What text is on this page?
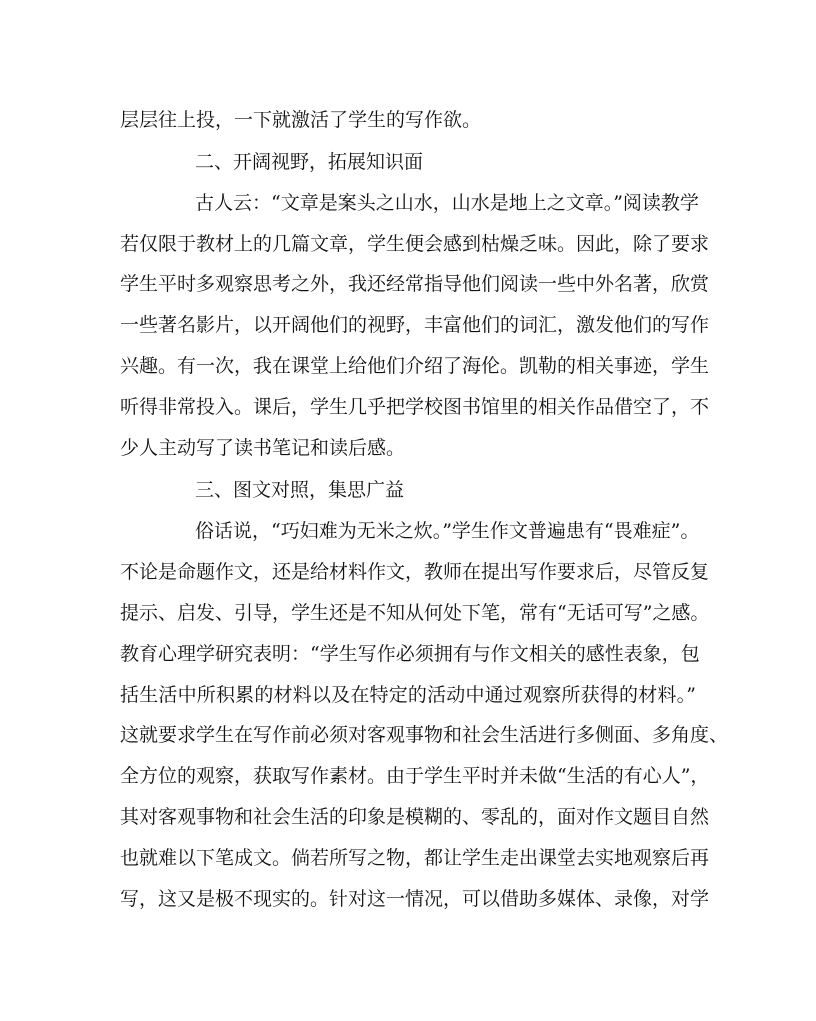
层层往上投，一下就激活了学生的写作欲。
二、开阔视野，拓展知识面
古人云：“文章是案头之山水，山水是地上之文章。”阅读教学
若仅限于教材上的几篇文章，学生便会感到枯燥乏味。因此，除了要求
学生平时多观察思考之外，我还经常指导他们阅读一些中外名著，欣赏
一些著名影片，以开阔他们的视野，丰富他们的词汇，激发他们的写作
兴趣。有一次，我在课堂上给他们介绍了海伦。凯勒的相关事迹，学生
听得非常投入。课后，学生几乎把学校图书馆里的相关作品借空了，不
少人主动写了读书笔记和读后感。
三、图文对照，集思广益
俗话说，“巧妇难为无米之炊。”学生作文普遍患有“畏难症”。
不论是命题作文，还是给材料作文，教师在提出写作要求后，尽管反复
提示、启发、引导，学生还是不知从何处下笔，常有“无话可写”之感。
教育心理学研究表明：“学生写作必须拥有与作文相关的感性表象，包
括生活中所积累的材料以及在特定的活动中通过观察所获得的材料。”
这就要求学生在写作前必须对客观事物和社会生活进行多侧面、多角度、
全方位的观察，获取写作素材。由于学生平时并未做“生活的有心人”，
其对客观事物和社会生活的印象是模糊的、零乱的，面对作文题目自然
也就难以下笔成文。倘若所写之物，都让学生走出课堂去实地观察后再
写，这又是极不现实的。针对这一情况，可以借助多媒体、录像，对学
